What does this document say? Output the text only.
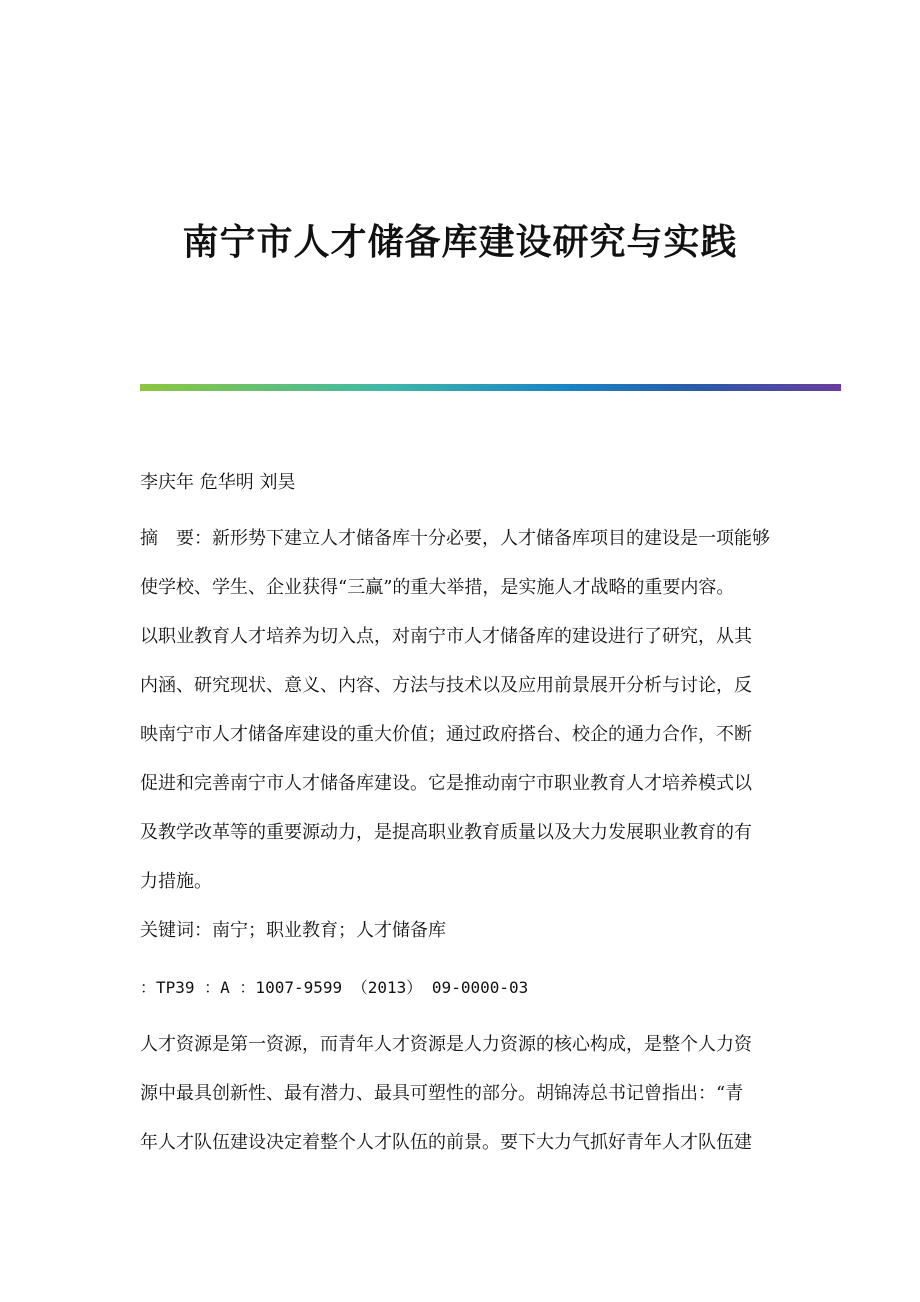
南宁市人才储备库建设研究与实践
李庆年 危华明 刘昊
摘　要：新形势下建立人才储备库十分必要，人才储备库项目的建设是一项能够
使学校、学生、企业获得“三赢”的重大举措，是实施人才战略的重要内容。
以职业教育人才培养为切入点，对南宁市人才储备库的建设进行了研究，从其
内涵、研究现状、意义、内容、方法与技术以及应用前景展开分析与讨论，反
映南宁市人才储备库建设的重大价值；通过政府搭台、校企的通力合作，不断
促进和完善南宁市人才储备库建设。它是推动南宁市职业教育人才培养模式以
及教学改革等的重要源动力，是提高职业教育质量以及大力发展职业教育的有
力措施。
关键词：南宁；职业教育；人才储备库
：TP39 ：A ：1007-9599 （2013） 09-0000-03
人才资源是第一资源，而青年人才资源是人力资源的核心构成，是整个人力资
源中最具创新性、最有潜力、最具可塑性的部分。胡锦涛总书记曾指出：“青
年人才队伍建设决定着整个人才队伍的前景。要下大力气抓好青年人才队伍建
